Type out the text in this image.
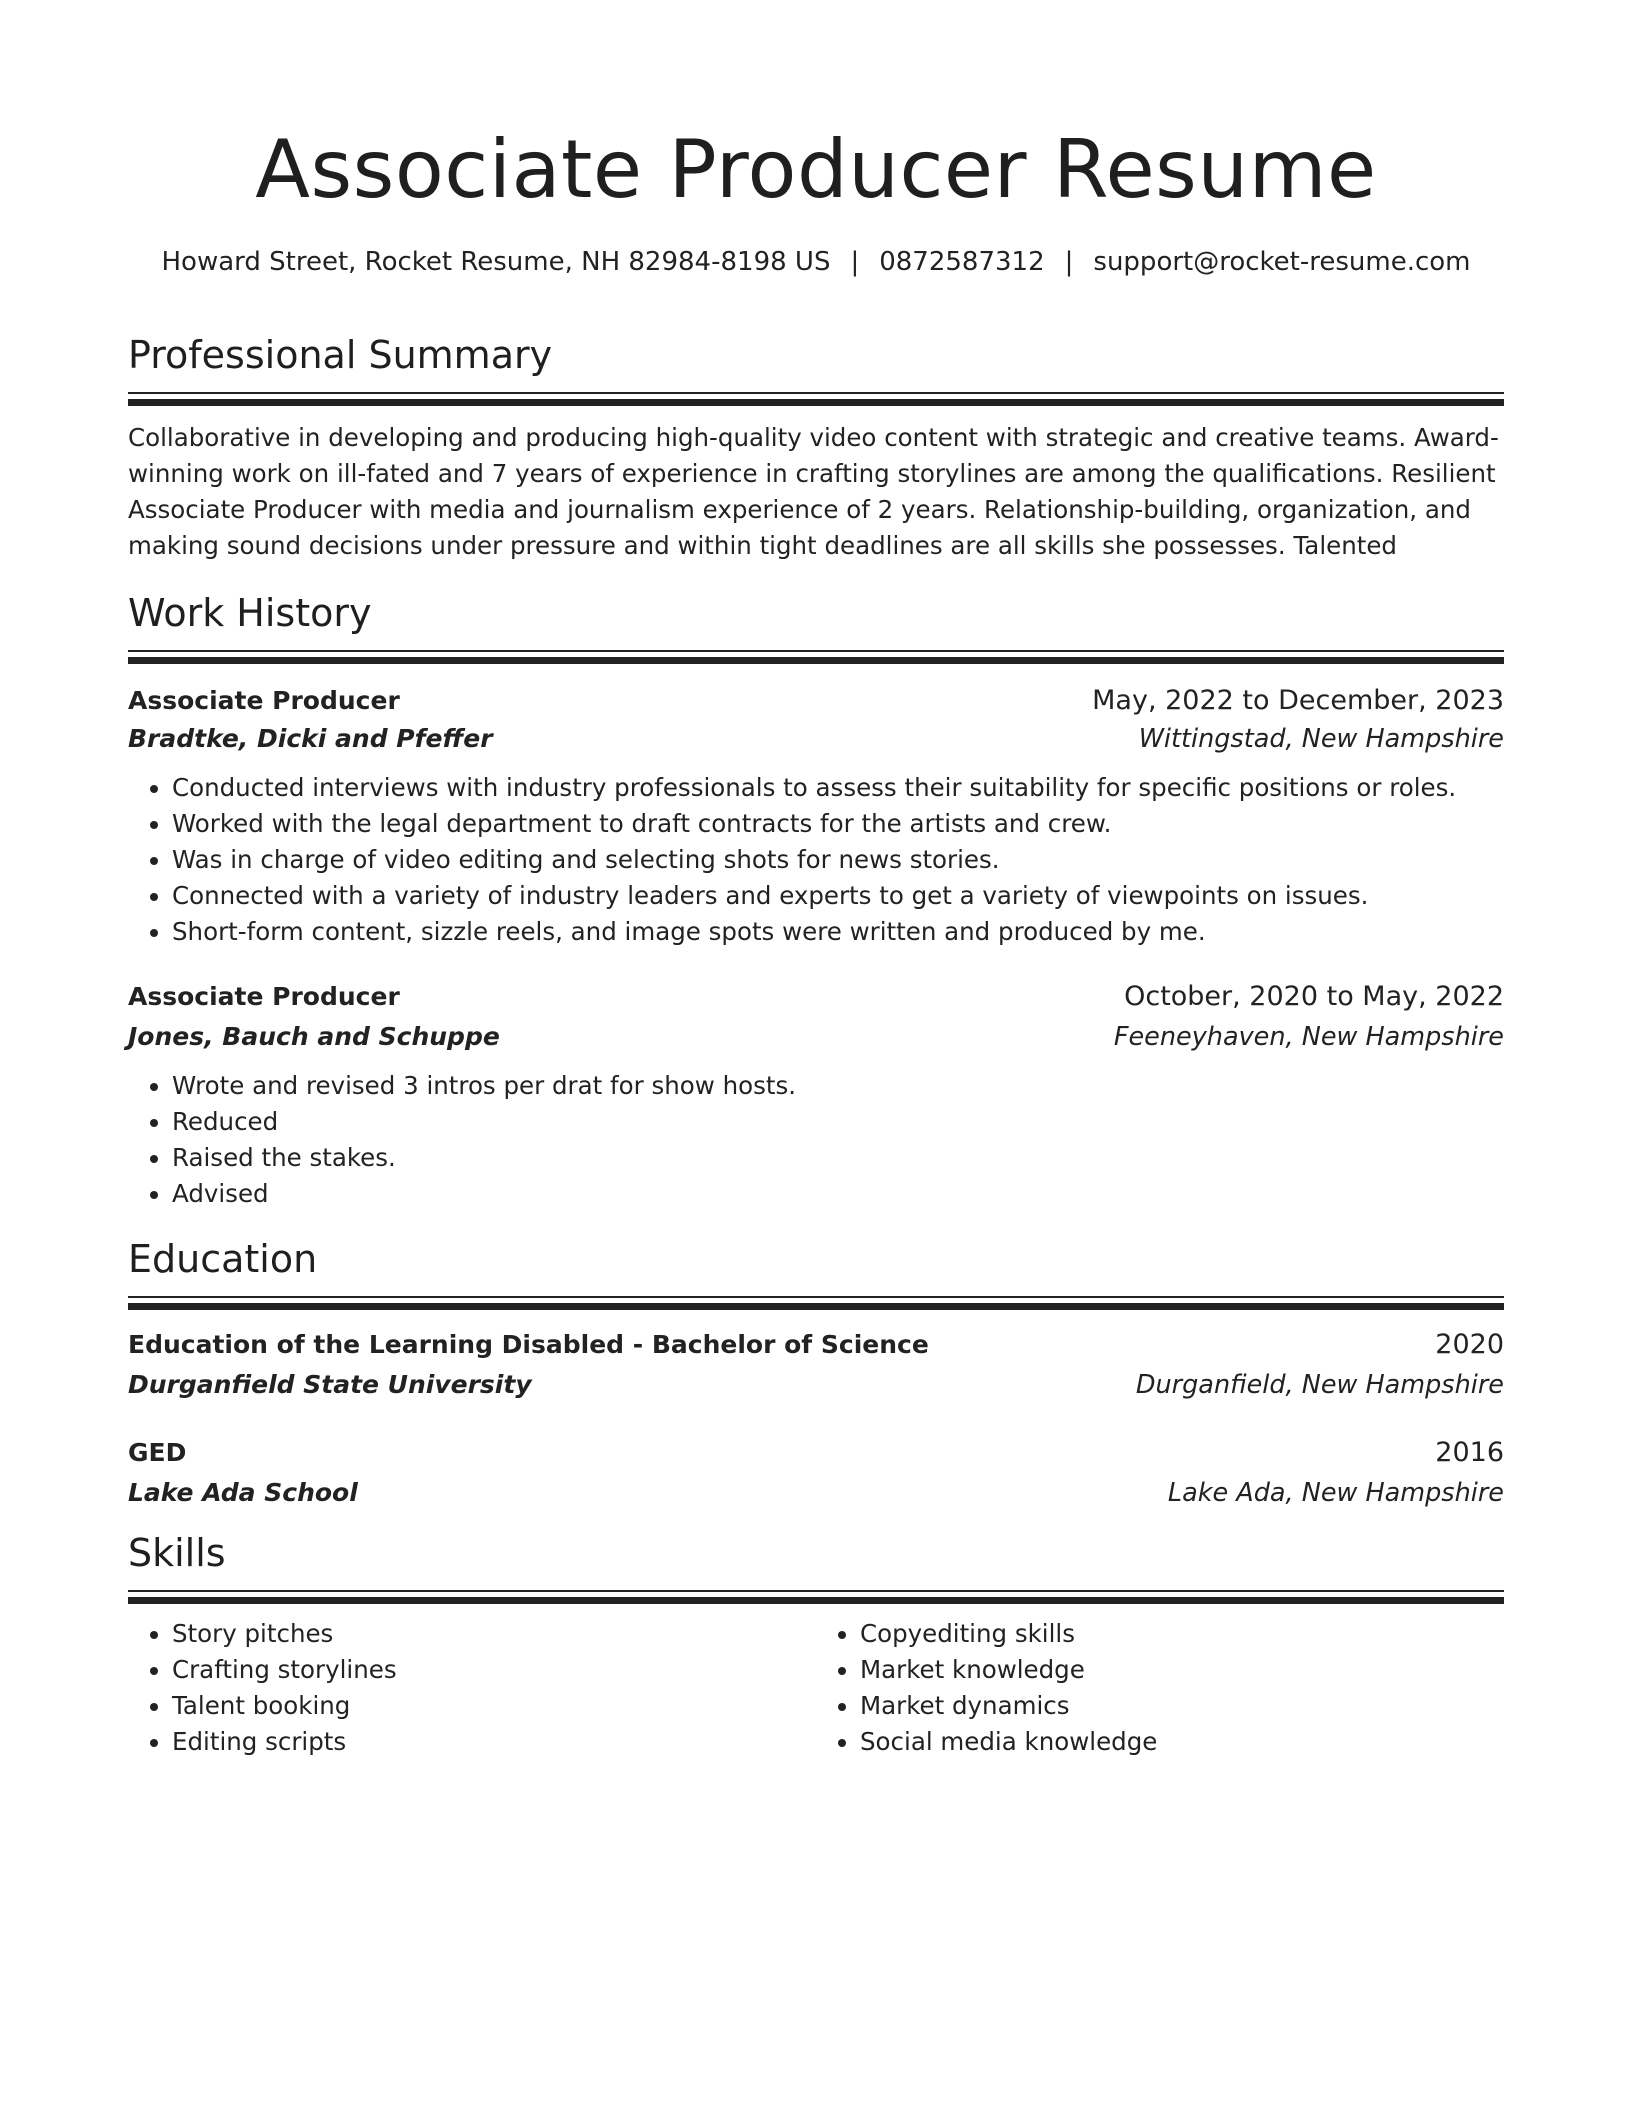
Associate Producer Resume
Howard Street, Rocket Resume, NH 82984-8198 US | 0872587312 | support@rocket-resume.com
Professional Summary

Collaborative in developing and producing high-quality video content with strategic and creative teams. Award-winning work on ill-fated and 7 years of experience in crafting storylines are among the qualifications. Resilient Associate Producer with media and journalism experience of 2 years. Relationship-building, organization, and making sound decisions under pressure and within tight deadlines are all skills she possesses. Talented

Work History
Associate Producer	May, 2022 to December, 2023
Bradtke, Dicki and Pfeffer	Wittingstad, New Hampshire
• Conducted interviews with industry professionals to assess their suitability for specific positions or roles.
• Worked with the legal department to draft contracts for the artists and crew.
• Was in charge of video editing and selecting shots for news stories.
• Connected with a variety of industry leaders and experts to get a variety of viewpoints on issues.
• Short-form content, sizzle reels, and image spots were written and produced by me.
Associate Producer	October, 2020 to May, 2022
Jones, Bauch and Schuppe	Feeneyhaven, New Hampshire
• Wrote and revised 3 intros per drat for show hosts.
• Reduced
• Raised the stakes.
• Advised
Education
Education of the Learning Disabled - Bachelor of Science	2020
Durganfield State University	Durganfield, New Hampshire
GED	2016
Lake Ada School	Lake Ada, New Hampshire
Skills
• Story pitches
• Crafting storylines
• Talent booking
• Editing scripts
• Copyediting skills
• Market knowledge
• Market dynamics
• Social media knowledge
